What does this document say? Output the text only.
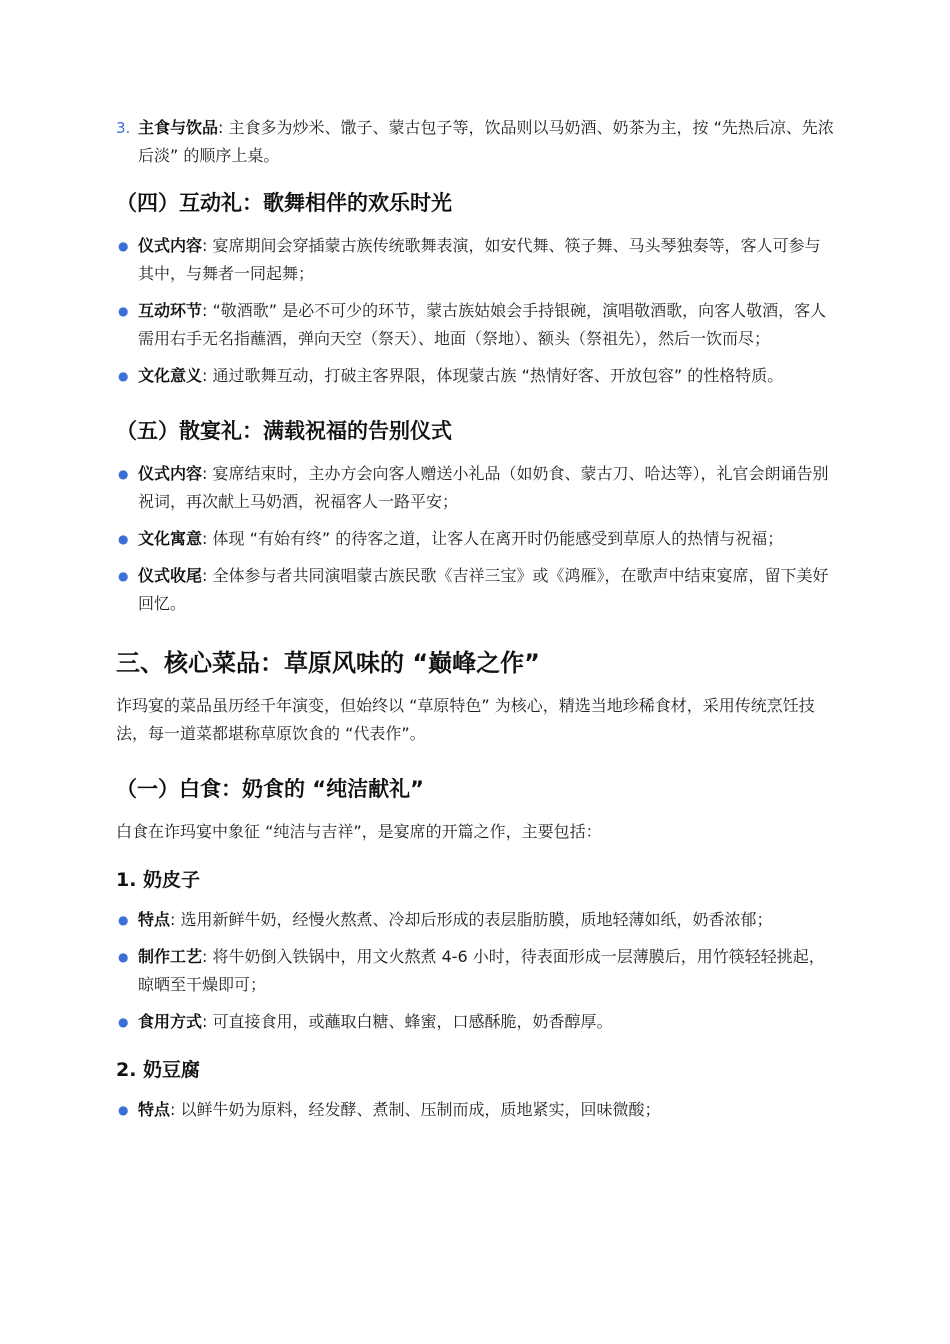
3. 主食与饮品: 主食多为炒米、馓子、蒙古包子等，饮品则以马奶酒、奶茶为主，按 “先热后凉、先浓后淡” 的顺序上桌。
（四）互动礼：歌舞相伴的欢乐时光
● 仪式内容: 宴席期间会穿插蒙古族传统歌舞表演，如安代舞、筷子舞、马头琴独奏等，客人可参与其中，与舞者一同起舞；
● 互动环节: “敬酒歌” 是必不可少的环节，蒙古族姑娘会手持银碗，演唱敬酒歌，向客人敬酒，客人需用右手无名指蘸酒，弹向天空（祭天）、地面（祭地）、额头（祭祖先），然后一饮而尽；
● 文化意义: 通过歌舞互动，打破主客界限，体现蒙古族 “热情好客、开放包容” 的性格特质。
（五）散宴礼：满载祝福的告别仪式
● 仪式内容: 宴席结束时，主办方会向客人赠送小礼品（如奶食、蒙古刀、哈达等），礼官会朗诵告别祝词，再次献上马奶酒，祝福客人一路平安；
● 文化寓意: 体现 “有始有终” 的待客之道，让客人在离开时仍能感受到草原人的热情与祝福；
● 仪式收尾: 全体参与者共同演唱蒙古族民歌《吉祥三宝》或《鸿雁》，在歌声中结束宴席，留下美好回忆。
三、核心菜品：草原风味的 “巅峰之作”

诈玛宴的菜品虽历经千年演变，但始终以 “草原特色” 为核心，精选当地珍稀食材，采用传统烹饪技法，每一道菜都堪称草原饮食的 “代表作”。

（一）白食：奶食的 “纯洁献礼”

白食在诈玛宴中象征 “纯洁与吉祥”，是宴席的开篇之作，主要包括：

1. 奶皮子
● 特点: 选用新鲜牛奶，经慢火熬煮、冷却后形成的表层脂肪膜，质地轻薄如纸，奶香浓郁；
● 制作工艺: 将牛奶倒入铁锅中，用文火熬煮 4-6 小时，待表面形成一层薄膜后，用竹筷轻轻挑起，晾晒至干燥即可；
● 食用方式: 可直接食用，或蘸取白糖、蜂蜜，口感酥脆，奶香醇厚。
2. 奶豆腐
● 特点: 以鲜牛奶为原料，经发酵、煮制、压制而成，质地紧实，回味微酸；
